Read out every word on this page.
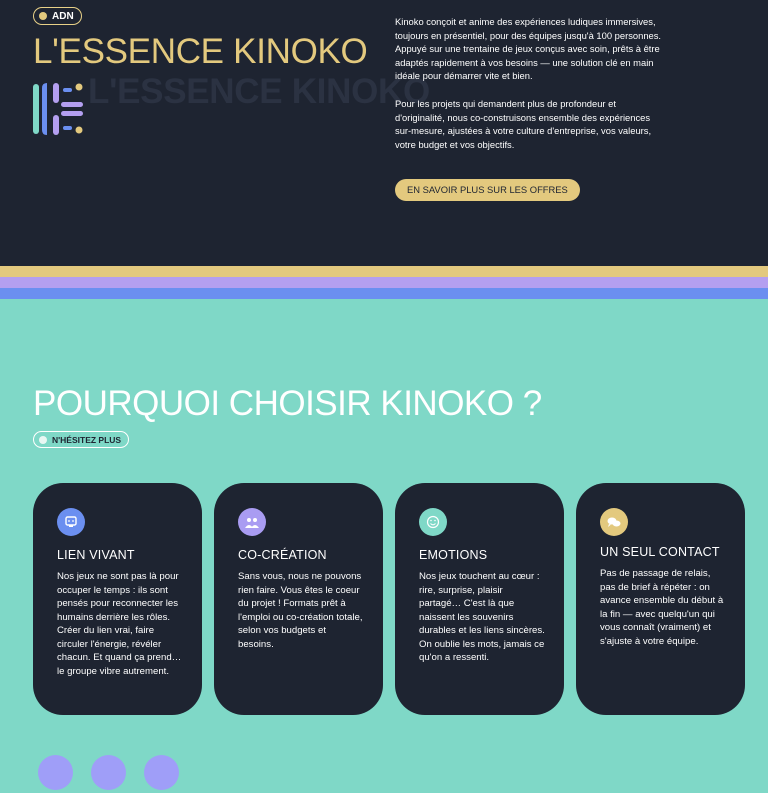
ADN
L'ESSENCE KINOKO
L'ESSENCE KINOKO

Kinoko conçoit et anime des expériences ludiques immersives, toujours en présentiel, pour des équipes jusqu'à 100 personnes.
Appuyé sur une trentaine de jeux conçus avec soin, prêts à être adaptés rapidement à vos besoins — une solution clé en main idéale pour démarrer vite et bien.

Pour les projets qui demandent plus de profondeur et d'originalité, nous co-construisons ensemble des expériences sur-mesure, ajustées à votre culture d'entreprise, vos valeurs, votre budget et vos objectifs.

EN SAVOIR PLUS SUR LES OFFRES
POURQUOI CHOISIR KINOKO ?
N'HÉSITEZ PLUS
LIEN VIVANT
Nos jeux ne sont pas là pour occuper le temps : ils sont pensés pour reconnecter les humains derrière les rôles. Créer du lien vrai, faire circuler l'énergie, révéler chacun. Et quand ça prend… le groupe vibre autrement.
CO-CRÉATION
Sans vous, nous ne pouvons rien faire. Vous êtes le coeur du projet ! Formats prêt à l'emploi ou co-création totale, selon vos budgets et besoins.
EMOTIONS
Nos jeux touchent au cœur : rire, surprise, plaisir partagé… C'est là que naissent les souvenirs durables et les liens sincères. On oublie les mots, jamais ce qu'on a ressenti.
UN SEUL CONTACT
Pas de passage de relais, pas de brief à répéter : on avance ensemble du début à la fin — avec quelqu'un qui vous connaît (vraiment) et s'ajuste à votre équipe.
